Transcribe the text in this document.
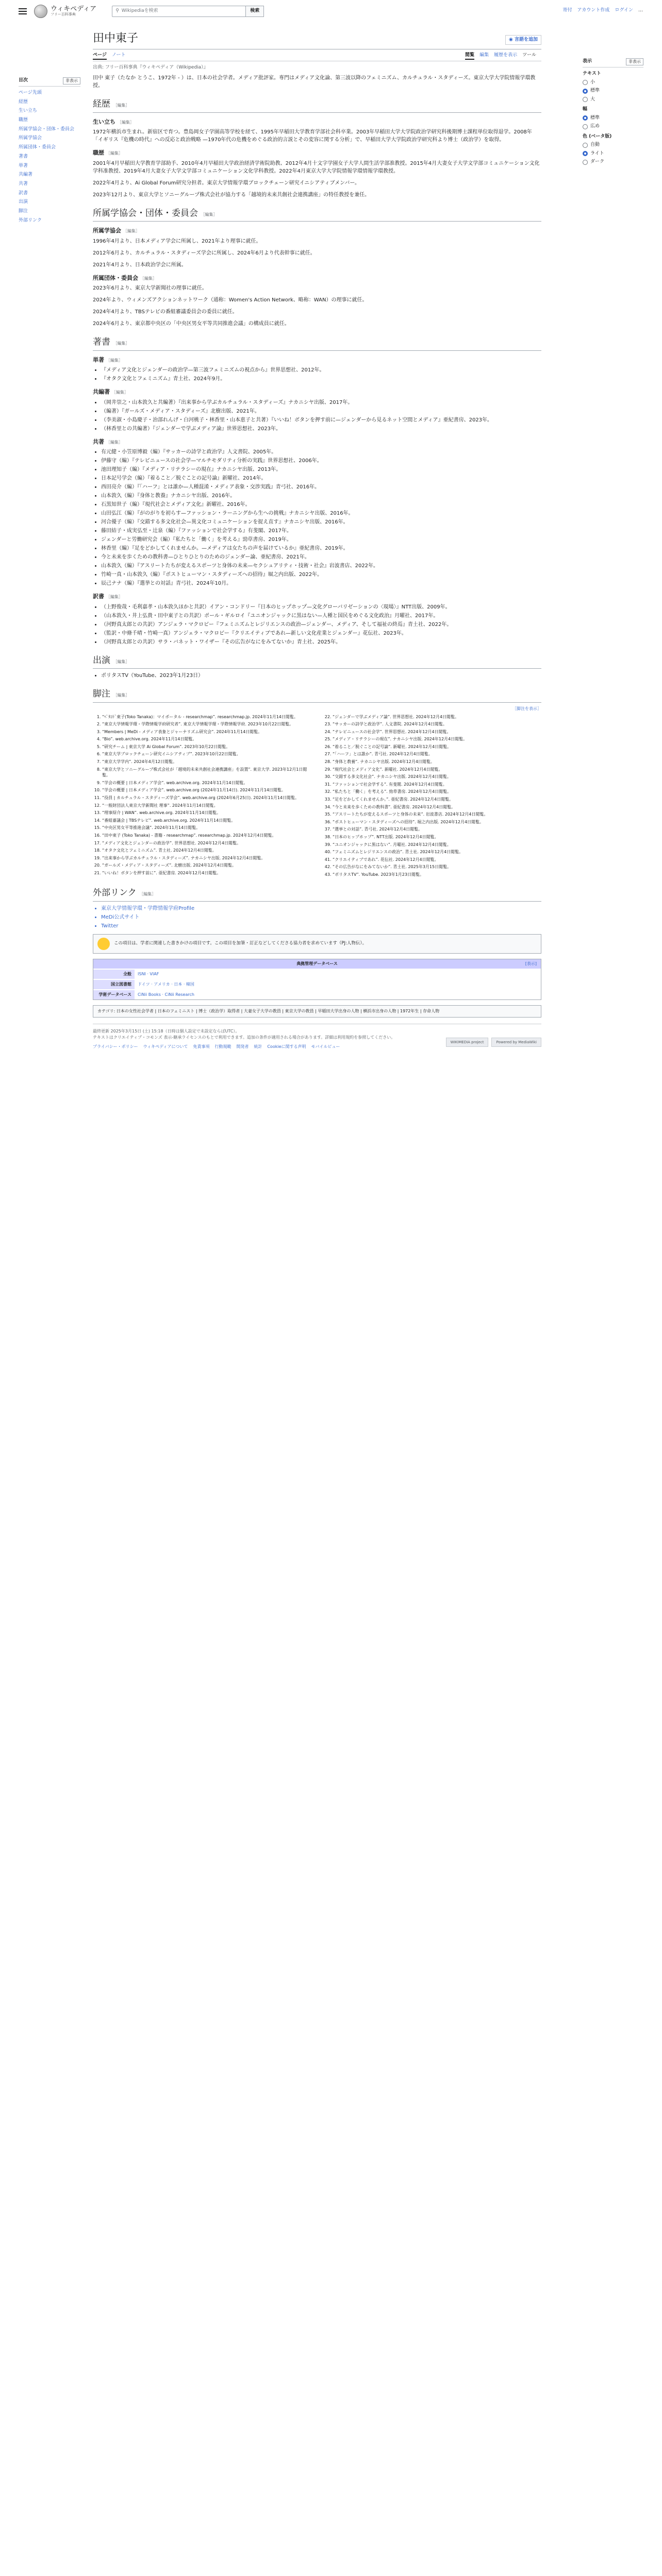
ウィキペディア
フリー百科事典
⚲ Wikipediaを検索	検索	寄付 アカウント作成 ログイン …
目次	非表示
ページ先頭
経歴
生い立ち
職歴
所属学協会・団体・委員会
所属学協会
所属団体・委員会
著書
単著
共編著
共著
訳書
出演
脚注
外部リンク
表示	非表示
テキスト
小
標準
大
幅
標準
広め
色 (ベータ版)
自動
ライト
ダーク
田中東子	◉ 言語を追加
ページ ノート	閲覧 編集 履歴を表示 ツール
出典: フリー百科事典『ウィキペディア（Wikipedia）』

田中 東子（たなか とうこ、1972年 - ）は、日本の社会学者。メディア批評家。専門はメディア文化論、第三波以降のフェミニズム、カルチュラル・スタディーズ。東京大学大学院情報学環教授。

経歴 ［編集］
生い立ち ［編集］

1972年横浜市生まれ。新宿区で育つ。豊島岡女子学園高等学校を経て、1995年早稲田大学教育学部社会科卒業。2003年早稲田大学大学院政治学研究科後期博士課程単位取得退学。2008年「イギリス『危機の時代』への反応と政治戦略 —1970年代の危機をめぐる政治的言説とその変容に関する分析」で、早稲田大学大学院政治学研究科より博士（政治学）を取得。

職歴 ［編集］

2001年4月早稲田大学教育学部助手、2010年4月早稲田大学政治経済学術院助教、2012年4月十文字学園女子大学人間生活学部准教授。2015年4月大妻女子大学文学部コミュニケーション文化学科准教授、2019年4月大妻女子大学文学部コミュニケーション文化学科教授。2022年4月東京大学大学院情報学環情報学環教授。

2022年4月より、Ai Global Forum研究分担者。東京大学情報学環ブロックチェーン研究イニシアティブメンバー。

2023年12月より、東京大学とソニーグループ株式会社が協力する「越境的未来共創社会連携講座」の特任教授を兼任。

所属学協会・団体・委員会 ［編集］
所属学協会 ［編集］

1996年4月より、日本メディア学会に所属し、2021年より理事に就任。

2012年6月より、カルチュラル・スタディーズ学会に所属し、2024年6月より代表幹事に就任。

2021年4月より、日本政治学会に所属。

所属団体・委員会 ［編集］

2023年6月より、東京大学新聞社の理事に就任。

2024年より、ウィメンズアクションネットワーク（通称：Women's Action Network、略称：WAN）の理事に就任。

2024年4月より、TBSテレビの番組審議委員会の委員に就任。

2024年6月より、東京都中央区の「中央区男女平等共同推進会議」の構成員に就任。

著書 ［編集］
単著 ［編集］
• 『メディア文化とジェンダーの政治学—第三波フェミニズムの視点から』世界思想社、2012年。
• 『オタク文化とフェミニズム』青土社、2024年9月。
共編著 ［編集］
• （岡井崇之・山本敦久と共編著）『出来事から学ぶカルチュラル・スタディーズ』ナカニシヤ出版、2017年。
• （編著）『ガールズ・メディア・スタディーズ』北樹出版、2021年。
• （李美淑・小島慶子・治部れんげ・白河桃子・林香里・山本恵子と共著）『いいね！ボタンを押す前に—ジェンダーから見るネット空間とメディア』亜紀書房、2023年。
• （林香里との共編著）『ジェンダーで学ぶメディア論』世界思想社、2023年。
共著 ［編集］
• 有元健・小笠原博毅（編）『サッカーの詩学と政治学』人文書院、2005年。
• 伊藤守（編）『テレビニュースの社会学—マルチモダリティ分析の実践』世界思想社、2006年。
• 池田理知子（編）『メディア・リテラシーの現在』ナカニシヤ出版、2013年。
• 日本記号学会（編）『着ること／脱ぐことの記号論』新曜社、2014年。
• 西田亮介（編）『「ハーフ」とは誰か—人種混淆・メディア表象・交渉実践』青弓社、2016年。
• 山本敦久（編）『身体と教養』ナカニシヤ出版、2016年。
• 石黒知世子（編）『現代社会とメディア文化』新曜社、2016年。
• 山田弘江（編）『がのがりを初らす—ファッション・ラーニングから生への挑戦』ナカニシヤ出版、2016年。
• 河合優子（編）『交錯する多文化社会—異文化コミュニケーションを捉え直す』ナカニシヤ出版、2016年。
• 藤田結子・成実弘至・辻泉（編）『ファッションで社会学する』有斐閣、2017年。
• ジェンダーと労働研究会（編）『私たちと「働く」を考える』勁草書房、2019年。
• 林香里（編）『足をどかしてくれませんか。—メディアは女たちの声を届けているか』亜紀書房、2019年。
• 今と未来を歩くための教科書—ひとりひとりのためのジェンダー論、亜紀書房、2021年。
• 山本敦久（編）『アスリートたちが変えるスポーツと身体の未来—セクシュアリティ・技術・社会』岩波書店、2022年。
• 竹崎一真・山本敦久（編）『ポストヒューマン・スタディーズへの招待』堀之内出版、2022年。
• 辰己ナナ（編）『選挙との対話』青弓社、2024年10月。
訳書 ［編集］
• （上野俊哉・毛利嘉孝・山本敦久ほかと共訳）イアン・コンドリー『日本のヒップホップ—文化グローバリゼーションの〈現場〉』NTT出版、2009年。
• （山本敦久・井上弘貴・田中東子との共訳）ポール・ギルロイ『ユニオンジャックに黒はない—人種と国民をめぐる文化政治』月曜社、2017年。
• （河野真太郎との共訳）アンジェラ・マクロビー『フェミニズムとレジリエンスの政治—ジェンダー、メディア、そして福祉の終焉』青土社、2022年。
• （監訳・中條千晴・竹崎一真）アンジェラ・マクロビー『クリエイティブであれ—新しい文化産業とジェンダー』花伝社、2023年。
• （河野真太郎との共訳）サラ・バネット・ワイザー『その広告がなにをみてないか』青土社、2025年。
出演 ［編集］
• ポリタスTV（YouTube、2023年1月23日）
脚注 ［編集］
［脚注を表示］
1. “ﾍﾟﾀｺﾄﾞ東子(Toko Tanaka)：マイポータル - researchmap”. researchmap.jp. 2024年11月14日閲覧。
2. “東京大学情報学環・学際情報学府研究者”. 東京大学情報学環・学際情報学府. 2023年10月22日閲覧。
3. “Members | MeDi - メディア表象とジャーナリズム研究会”. 2024年11月14日閲覧。
4. “Bio”. web.archive.org. 2024年11月14日閲覧。
5. “研究チーム | 東京大学 Ai Global Forum”. 2023年10月22日閲覧。
6. “東京大学ブロックチェーン研究イニシアティブ”. 2023年10月22日閲覧。
7. “東京大学学内”. 2024年4月12日閲覧。
8. “東京大学とソニーグループ株式会社が「越境的未来共創社会連携講座」を設置”. 東京大学. 2023年12月1日閲覧。
9. “学会の概要 | 日本メディア学会”. web.archive.org. 2024年11月14日閲覧。
10. “学会の概要 | 日本メディア学会”. web.archive.org (2024年11月14日). 2024年11月14日閲覧。
11. “役員 | カルチュラル・スタディーズ学会”. web.archive.org (2024年6月25日). 2024年11月14日閲覧。
12. “一般財団法人東京大学新聞社 理事”. 2024年11月14日閲覧。
13. “理事紹介 | WAN”. web.archive.org. 2024年11月14日閲覧。
14. “番組審議会 | TBSテレビ”. web.archive.org. 2024年11月14日閲覧。
15. “中央区男女平等推進会議”. 2024年11月14日閲覧。
16. “田中東子 (Toko Tanaka) - 書籍 - researchmap”. researchmap.jp. 2024年12月4日閲覧。
17. “メディア文化とジェンダーの政治学”. 世界思想社. 2024年12月4日閲覧。
18. “オタク文化とフェミニズム”. 青土社. 2024年12月4日閲覧。
19. “出来事から学ぶカルチュラル・スタディーズ”. ナカニシヤ出版. 2024年12月4日閲覧。
20. “ガールズ・メディア・スタディーズ”. 北樹出版. 2024年12月4日閲覧。
21. “いいね！ボタンを押す前に”. 亜紀書房. 2024年12月4日閲覧。
22. “ジェンダーで学ぶメディア論”. 世界思想社. 2024年12月4日閲覧。
23. “サッカーの詩学と政治学”. 人文書院. 2024年12月4日閲覧。
24. “テレビニュースの社会学”. 世界思想社. 2024年12月4日閲覧。
25. “メディア・リテラシーの現在”. ナカニシヤ出版. 2024年12月4日閲覧。
26. “着ること／脱ぐことの記号論”. 新曜社. 2024年12月4日閲覧。
27. “「ハーフ」とは誰か”. 青弓社. 2024年12月4日閲覧。
28. “身体と教養”. ナカニシヤ出版. 2024年12月4日閲覧。
29. “現代社会とメディア文化”. 新曜社. 2024年12月4日閲覧。
30. “交錯する多文化社会”. ナカニシヤ出版. 2024年12月4日閲覧。
31. “ファッションで社会学する”. 有斐閣. 2024年12月4日閲覧。
32. “私たちと「働く」を考える”. 勁草書房. 2024年12月4日閲覧。
33. “足をどかしてくれませんか。”. 亜紀書房. 2024年12月4日閲覧。
34. “今と未来を歩くための教科書”. 亜紀書房. 2024年12月4日閲覧。
35. “アスリートたちが変えるスポーツと身体の未来”. 岩波書店. 2024年12月4日閲覧。
36. “ポストヒューマン・スタディーズへの招待”. 堀之内出版. 2024年12月4日閲覧。
37. “選挙との対話”. 青弓社. 2024年12月4日閲覧。
38. “日本のヒップホップ”. NTT出版. 2024年12月4日閲覧。
39. “ユニオンジャックに黒はない”. 月曜社. 2024年12月4日閲覧。
40. “フェミニズムとレジリエンスの政治”. 青土社. 2024年12月4日閲覧。
41. “クリエイティブであれ”. 花伝社. 2024年12月4日閲覧。
42. “その広告がなにをみてないか”. 青土社. 2025年3月15日閲覧。
43. “ポリタスTV”. YouTube. 2023年1月23日閲覧。
外部リンク ［編集］
• 東京大学情報学環・学際情報学府Profile
• MeDi公式サイト
• Twitter
この項目は、学者に関連した書きかけの項目です。この項目を加筆・訂正などしてくださる協力者を求めています（PJ:人物伝）。
典拠管理データベース	[表示]
全般	ISNI · VIAF
国立図書館	ドイツ · アメリカ · 日本 · 韓国
学術データベース	CiNii Books · CiNii Research
カテゴリ: 日本の女性社会学者 | 日本のフェミニスト | 博士（政治学）取得者 | 大妻女子大学の教員 | 東京大学の教員 | 早稲田大学出身の人物 | 横浜市出身の人物 | 1972年生 | 存命人物
最終更新 2025年3月15日 (土) 15:18（日時は個人設定で未設定ならばUTC）。
テキストはクリエイティブ・コモンズ 表示-継承ライセンスのもとで利用できます。追加の条件が適用される場合があります。詳細は利用規約を参照してください。
プライバシー・ポリシー ウィキペディアについて 免責事項 行動規範 開発者 統計 Cookieに関する声明 モバイルビュー
WIKIMEDIA project	Powered by MediaWiki
